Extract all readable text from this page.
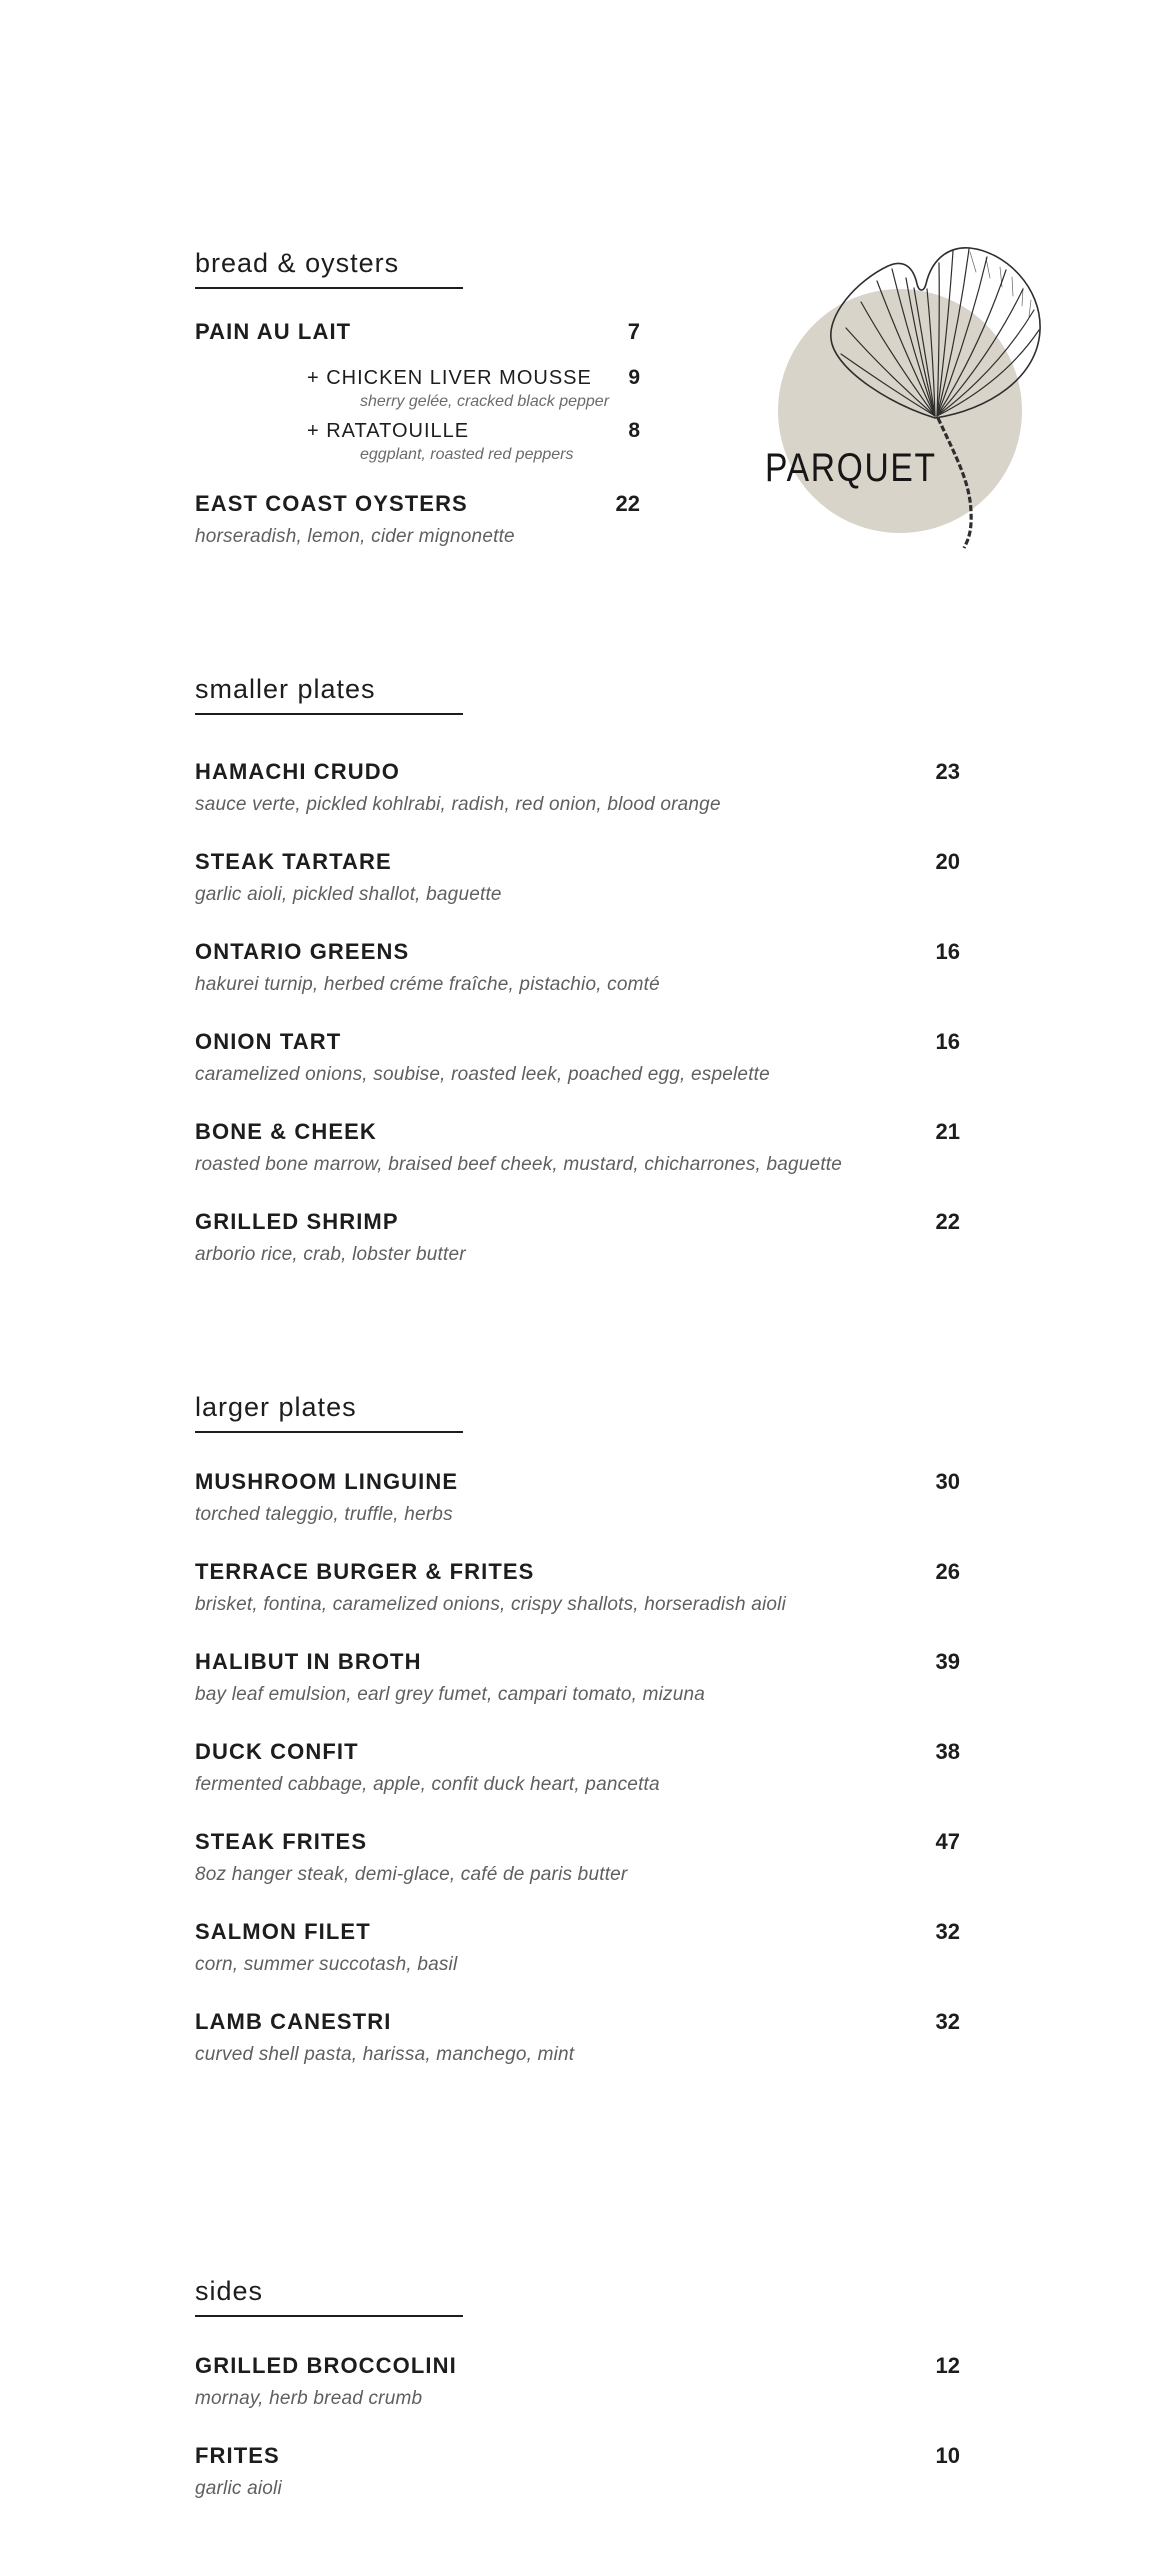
PARQUET
bread & oysters
PAIN AU LAIT	7
+ CHICKEN LIVER MOUSSE 9
sherry gelée, cracked black pepper
+ RATATOUILLE	8
eggplant, roasted red peppers
EAST COAST OYSTERS	22
horseradish, lemon, cider mignonette
smaller plates
HAMACHI CRUDO	23
sauce verte, pickled kohlrabi, radish, red onion, blood orange
STEAK TARTARE	20
garlic aioli, pickled shallot, baguette
ONTARIO GREENS	16
hakurei turnip, herbed créme fraîche, pistachio, comté
ONION TART	16
caramelized onions, soubise, roasted leek, poached egg, espelette
BONE & CHEEK	21
roasted bone marrow, braised beef cheek, mustard, chicharrones, baguette
GRILLED SHRIMP	22
arborio rice, crab, lobster butter
larger plates
MUSHROOM LINGUINE	30
torched taleggio, truffle, herbs
TERRACE BURGER & FRITES	26
brisket, fontina, caramelized onions, crispy shallots, horseradish aioli
HALIBUT IN BROTH	39
bay leaf emulsion, earl grey fumet, campari tomato, mizuna
DUCK CONFIT	38
fermented cabbage, apple, confit duck heart, pancetta
STEAK FRITES	47
8oz hanger steak, demi-glace, café de paris butter
SALMON FILET	32
corn, summer succotash, basil
LAMB CANESTRI	32
curved shell pasta, harissa, manchego, mint
sides
GRILLED BROCCOLINI	12
mornay, herb bread crumb
FRITES	10
garlic aioli
